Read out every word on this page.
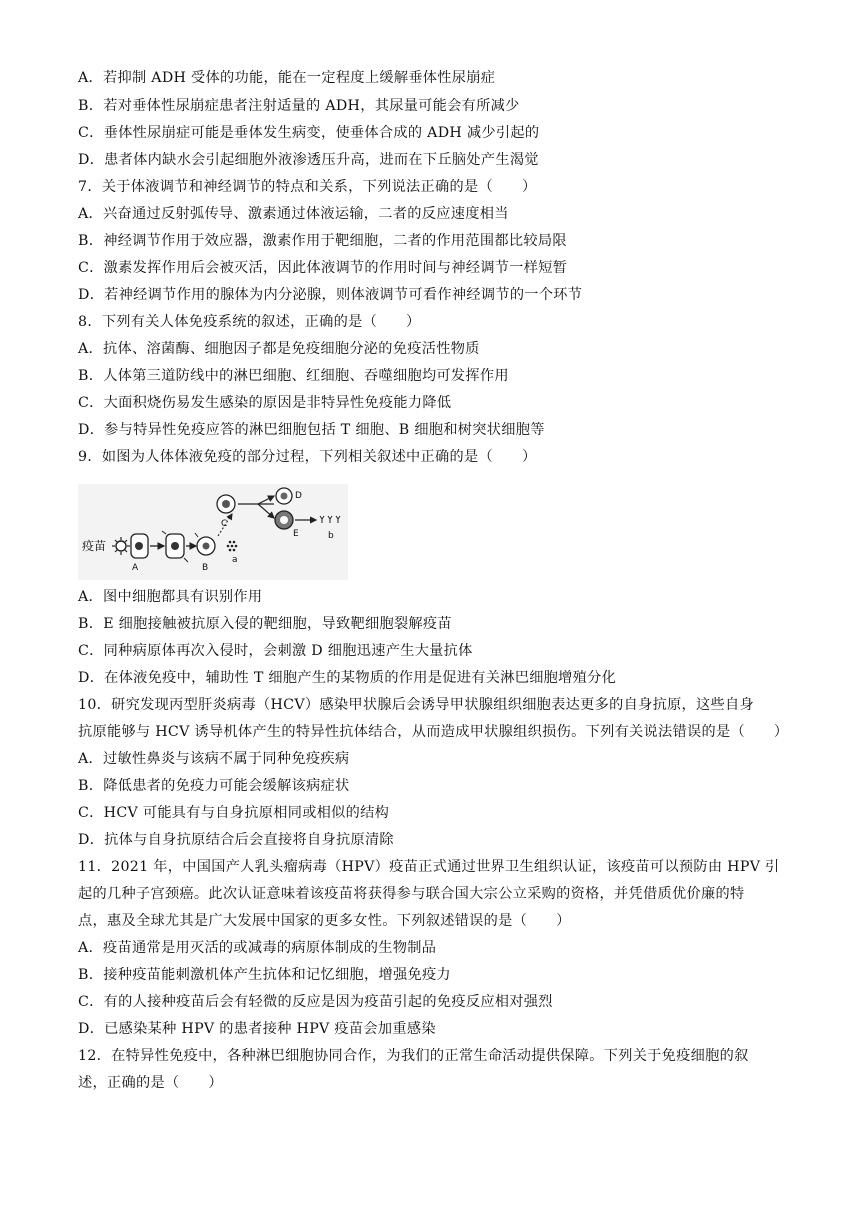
A．若抑制 ADH 受体的功能，能在一定程度上缓解垂体性尿崩症
B．若对垂体性尿崩症患者注射适量的 ADH，其尿量可能会有所减少
C．垂体性尿崩症可能是垂体发生病变，使垂体合成的 ADH 减少引起的
D．患者体内缺水会引起细胞外液渗透压升高，进而在下丘脑处产生渴觉
7．关于体液调节和神经调节的特点和关系，下列说法正确的是（　　）
A．兴奋通过反射弧传导、激素通过体液运输，二者的反应速度相当
B．神经调节作用于效应器，激素作用于靶细胞，二者的作用范围都比较局限
C．激素发挥作用后会被灭活，因此体液调节的作用时间与神经调节一样短暂
D．若神经调节作用的腺体为内分泌腺，则体液调节可看作神经调节的一个环节
8．下列有关人体免疫系统的叙述，正确的是（　　）
A．抗体、溶菌酶、细胞因子都是免疫细胞分泌的免疫活性物质
B．人体第三道防线中的淋巴细胞、红细胞、吞噬细胞均可发挥作用
C．大面积烧伤易发生感染的原因是非特异性免疫能力降低
D．参与特异性免疫应答的淋巴细胞包括 T 细胞、B 细胞和树突状细胞等
9．如图为人体体液免疫的部分过程，下列相关叙述中正确的是（　　）
疫苗
A	B
a
C
D
E	b
A．图中细胞都具有识别作用
B．E 细胞接触被抗原入侵的靶细胞，导致靶细胞裂解疫苗
C．同种病原体再次入侵时，会刺激 D 细胞迅速产生大量抗体
D．在体液免疫中，辅助性 T 细胞产生的某物质的作用是促进有关淋巴细胞增殖分化
10．研究发现丙型肝炎病毒（HCV）感染甲状腺后会诱导甲状腺组织细胞表达更多的自身抗原，这些自身
抗原能够与 HCV 诱导机体产生的特异性抗体结合，从而造成甲状腺组织损伤。下列有关说法错误的是（　　）
A．过敏性鼻炎与该病不属于同种免疫疾病
B．降低患者的免疫力可能会缓解该病症状
C．HCV 可能具有与自身抗原相同或相似的结构
D．抗体与自身抗原结合后会直接将自身抗原清除
11．2021 年，中国国产人乳头瘤病毒（HPV）疫苗正式通过世界卫生组织认证，该疫苗可以预防由 HPV 引
起的几种子宫颈癌。此次认证意味着该疫苗将获得参与联合国大宗公立采购的资格，并凭借质优价廉的特
点，惠及全球尤其是广大发展中国家的更多女性。下列叙述错误的是（　　）
A．疫苗通常是用灭活的或减毒的病原体制成的生物制品
B．接种疫苗能刺激机体产生抗体和记忆细胞，增强免疫力
C．有的人接种疫苗后会有轻微的反应是因为疫苗引起的免疫反应相对强烈
D．已感染某种 HPV 的患者接种 HPV 疫苗会加重感染
12．在特异性免疫中，各种淋巴细胞协同合作，为我们的正常生命活动提供保障。下列关于免疫细胞的叙
述，正确的是（　　）
